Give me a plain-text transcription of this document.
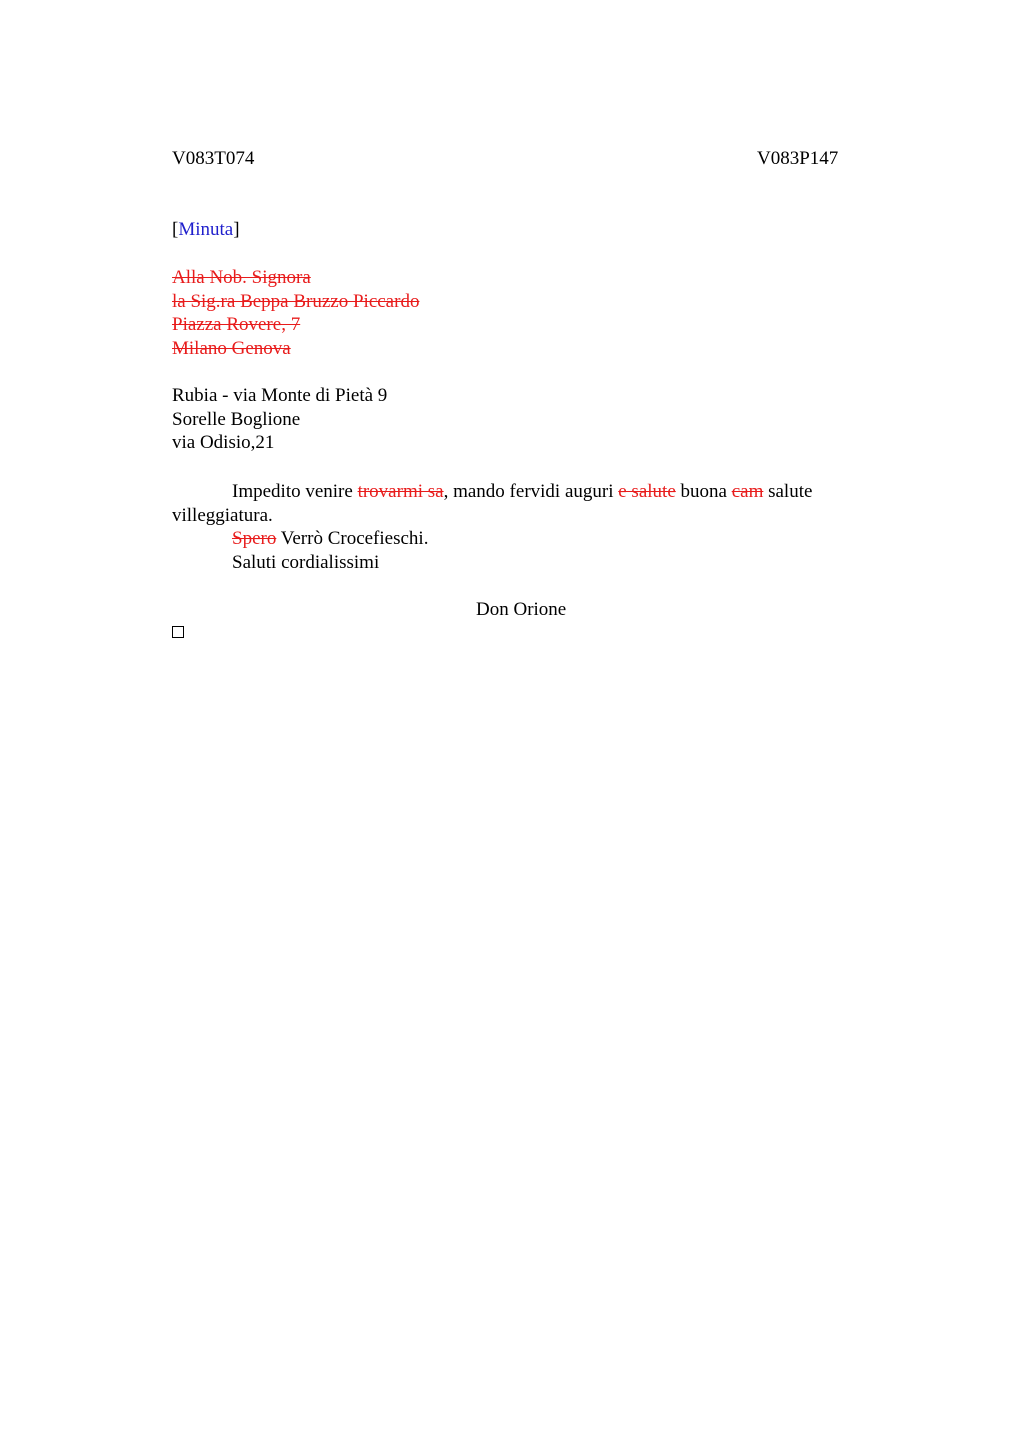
V083T074	V083P147
[Minuta]
Alla Nob. Signora
la Sig.ra Beppa Bruzzo Piccardo
Piazza Rovere, 7
Milano Genova
Rubia - via Monte di Pietà 9
Sorelle Boglione
via Odisio,21
Impedito venire trovarmi sa, mando fervidi auguri e salute buona cam salute villeggiatura.
Spero Verrò Crocefieschi.
Saluti cordialissimi
Don Orione
